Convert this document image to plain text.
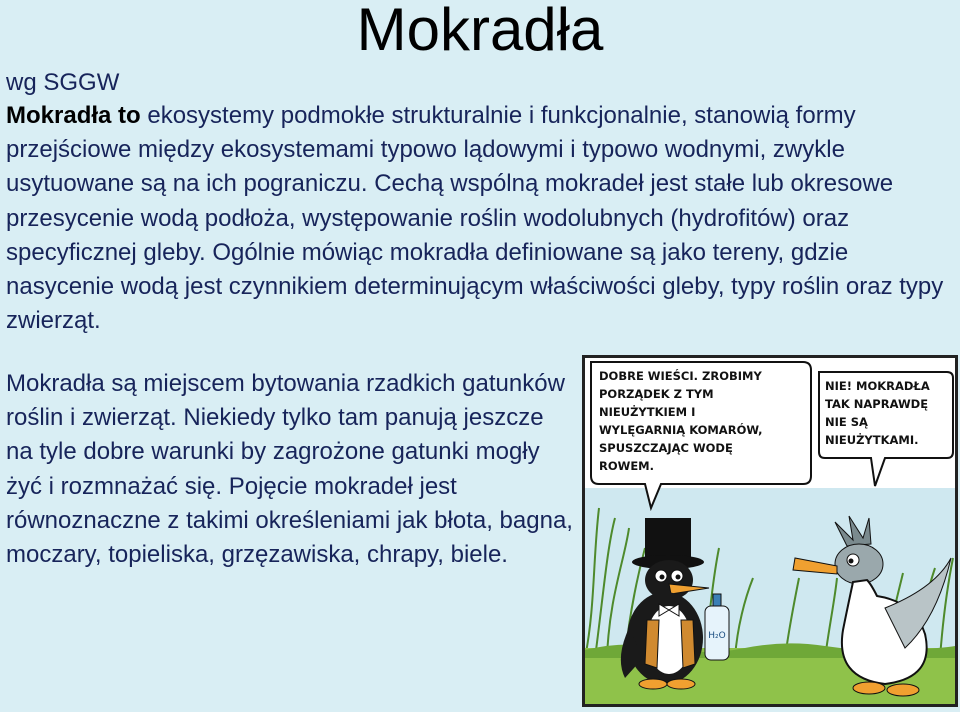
Mokradła
wg SGGW
Mokradła to ekosystemy podmokłe strukturalnie i funkcjonalnie, stanowią formy przejściowe między ekosystemami typowo lądowymi i typowo wodnymi, zwykle usytuowane są na ich pograniczu. Cechą wspólną mokradeł jest stałe lub okresowe przesycenie wodą podłoża, występowanie roślin wodolubnych (hydrofitów) oraz specyficznej gleby. Ogólnie mówiąc mokradła definiowane są jako tereny, gdzie nasycenie wodą jest czynnikiem determinującym właściwości gleby, typy roślin oraz typy zwierząt.
Mokradła są miejscem bytowania rzadkich gatunków roślin i zwierząt. Niekiedy tylko tam panują jeszcze na tyle dobre warunki by zagrożone gatunki mogły żyć i rozmnażać się. Pojęcie mokradeł jest równoznaczne z takimi określeniami jak błota, bagna, moczary, topieliska, grzęzawiska, chrapy, biele.
DOBRE WIEŚCI. ZROBIMY
PORZĄDEK Z TYM
NIEUŻYTKIEM I
WYLĘGARNIĄ KOMARÓW,
SPUSZCZAJĄC WODĘ
ROWEM.
NIE! MOKRADŁA
TAK NAPRAWDĘ
NIE SĄ
NIEUŻYTKAMI.
H₂O
